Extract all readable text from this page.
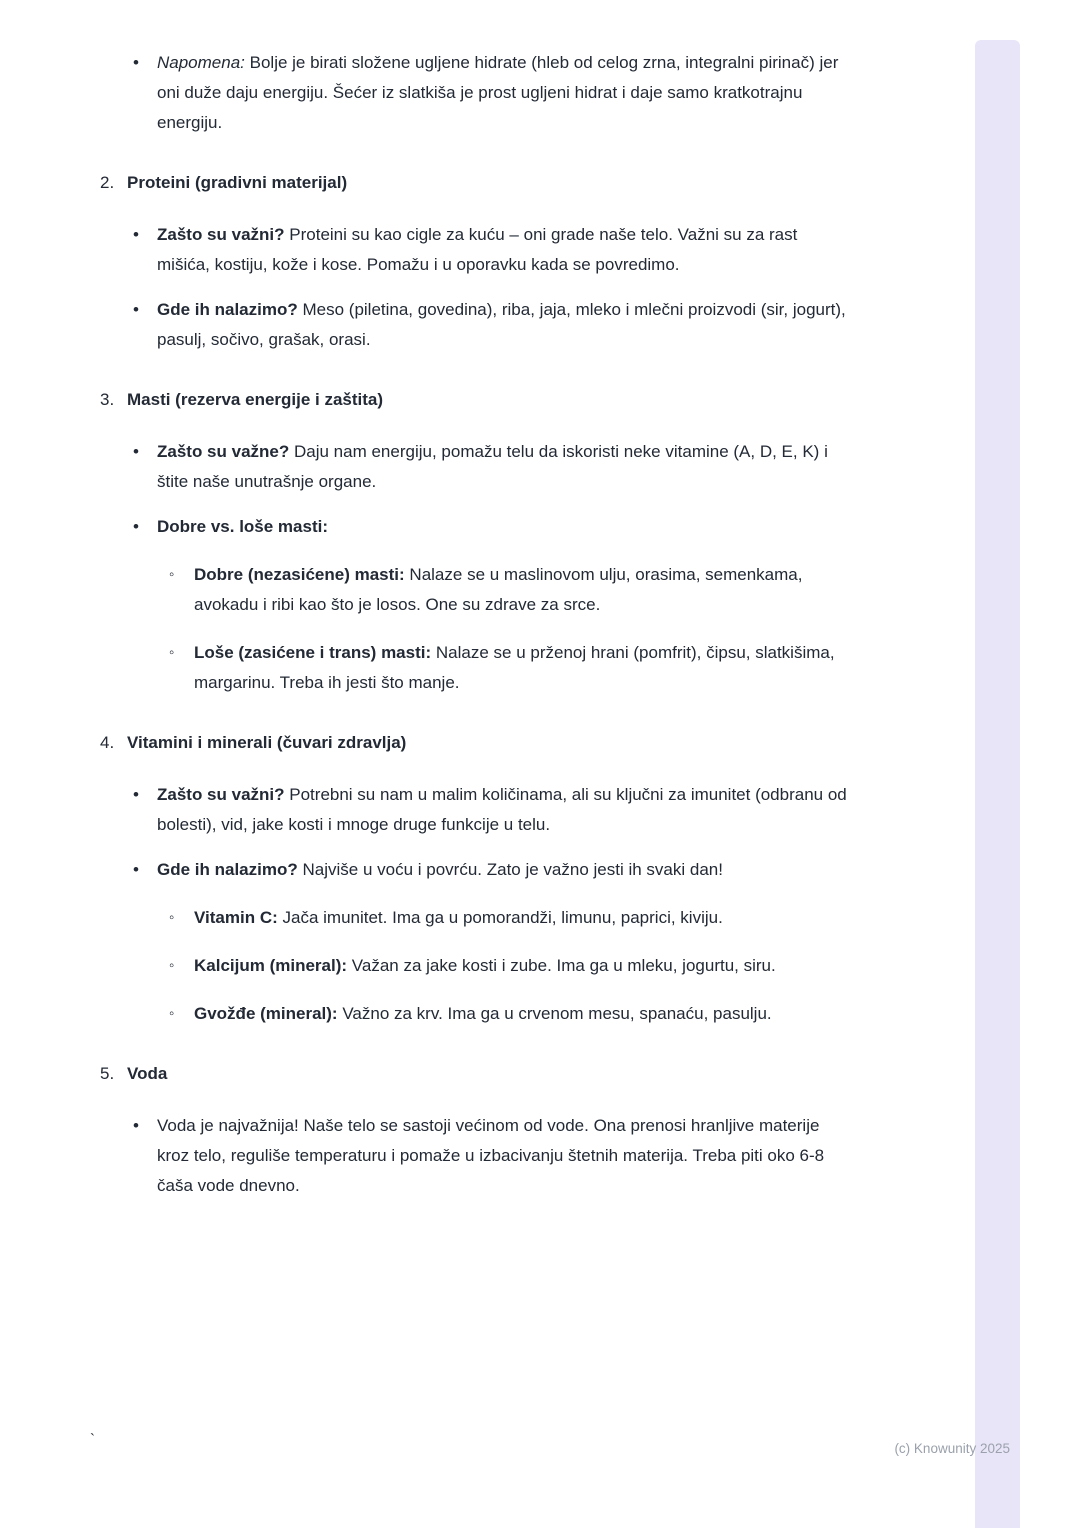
•	Napomena: Bolje je birati složene ugljene hidrate (hleb od celog zrna, integralni pirinač) jer oni duže daju energiju. Šećer iz slatkiša je prost ugljeni hidrat i daje samo kratkotrajnu energiju.
2. Proteini (gradivni materijal)
•	Zašto su važni? Proteini su kao cigle za kuću – oni grade naše telo. Važni su za rast mišića, kostiju, kože i kose. Pomažu i u oporavku kada se povredimo.
•	Gde ih nalazimo? Meso (piletina, govedina), riba, jaja, mleko i mlečni proizvodi (sir, jogurt), pasulj, sočivo, grašak, orasi.
3. Masti (rezerva energije i zaštita)
•	Zašto su važne? Daju nam energiju, pomažu telu da iskoristi neke vitamine (A, D, E, K) i štite naše unutrašnje organe.
•	Dobre vs. loše masti:
◦	Dobre (nezasićene) masti: Nalaze se u maslinovom ulju, orasima, semenkama, avokadu i ribi kao što je losos. One su zdrave za srce.
◦	Loše (zasićene i trans) masti: Nalaze se u prženoj hrani (pomfrit), čipsu, slatkišima, margarinu. Treba ih jesti što manje.
4. Vitamini i minerali (čuvari zdravlja)
•	Zašto su važni? Potrebni su nam u malim količinama, ali su ključni za imunitet (odbranu od bolesti), vid, jake kosti i mnoge druge funkcije u telu.
•	Gde ih nalazimo? Najviše u voću i povrću. Zato je važno jesti ih svaki dan!
◦	Vitamin C: Jača imunitet. Ima ga u pomorandži, limunu, paprici, kiviju.
◦	Kalcijum (mineral): Važan za jake kosti i zube. Ima ga u mleku, jogurtu, siru.
◦	Gvožđe (mineral): Važno za krv. Ima ga u crvenom mesu, spanaću, pasulju.
5. Voda
•	Voda je najvažnija! Naše telo se sastoji većinom od vode. Ona prenosi hranljive materije kroz telo, reguliše temperaturu i pomaže u izbacivanju štetnih materija. Treba piti oko 6-8 čaša vode dnevno.
`
(c) Knowunity 2025
